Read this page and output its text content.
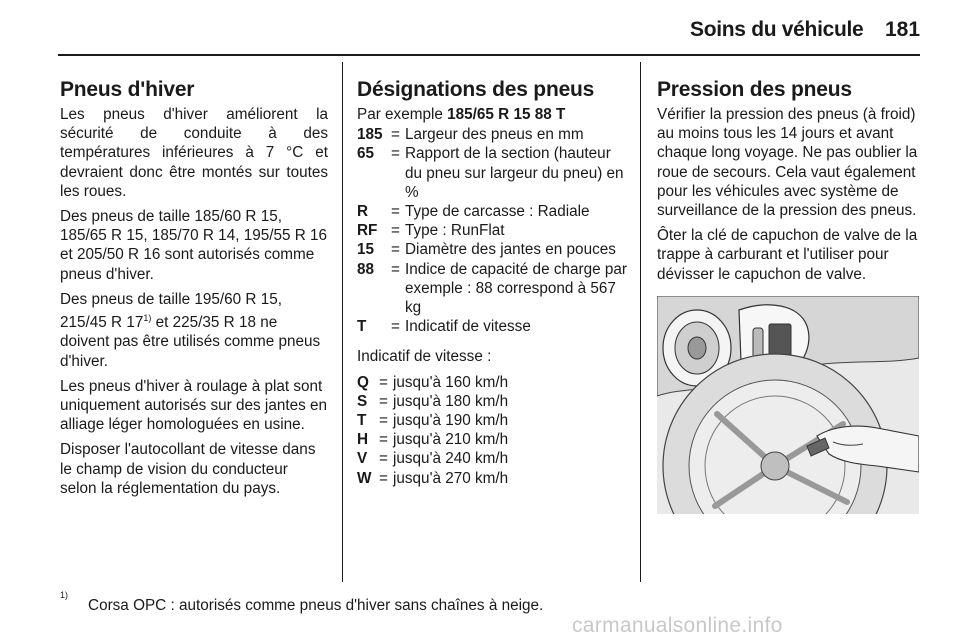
Soins du véhicule 181
Pneus d'hiver

Les pneus d'hiver améliorent la sécurité de conduite à des températures inférieures à 7 °C et devraient donc être montés sur toutes les roues.

Des pneus de taille 185/60 R 15, 185/65 R 15, 185/70 R 14, 195/55 R 16 et 205/50 R 16 sont autorisés comme pneus d'hiver.

Des pneus de taille 195/60 R 15, 215/45 R 17$^{1)}$ et 225/35 R 18 ne doivent pas être utilisés comme pneus d'hiver.

Les pneus d'hiver à roulage à plat sont uniquement autorisés sur des jantes en alliage léger homologuées en usine.

Disposer l'autocollant de vitesse dans le champ de vision du conducteur selon la réglementation du pays.

Désignations des pneus
Par exemple 185/65 R 15 88 T
185 = Largeur des pneus en mm
65	= Rapport de la section (hauteur du pneu sur largeur du pneu) en %
R	= Type de carcasse : Radiale
RF = Type : RunFlat
15	= Diamètre des jantes en pouces
88	= Indice de capacité de charge par exemple : 88 correspond à 567 kg
T	= Indicatif de vitesse
Indicatif de vitesse :
Q = jusqu'à 160 km/h
S = jusqu'à 180 km/h
T = jusqu'à 190 km/h
H = jusqu'à 210 km/h
V = jusqu'à 240 km/h
W = jusqu'à 270 km/h
Pression des pneus

Vérifier la pression des pneus (à froid) au moins tous les 14 jours et avant chaque long voyage. Ne pas oublier la roue de secours. Cela vaut également pour les véhicules avec système de surveillance de la pression des pneus.

Ôter la clé de capuchon de valve de la trappe à carburant et l'utiliser pour dévisser le capuchon de valve.

$^{1)}$Corsa OPC : autorisés comme pneus d'hiver sans chaînes à neige.
carmanualsonline.info
